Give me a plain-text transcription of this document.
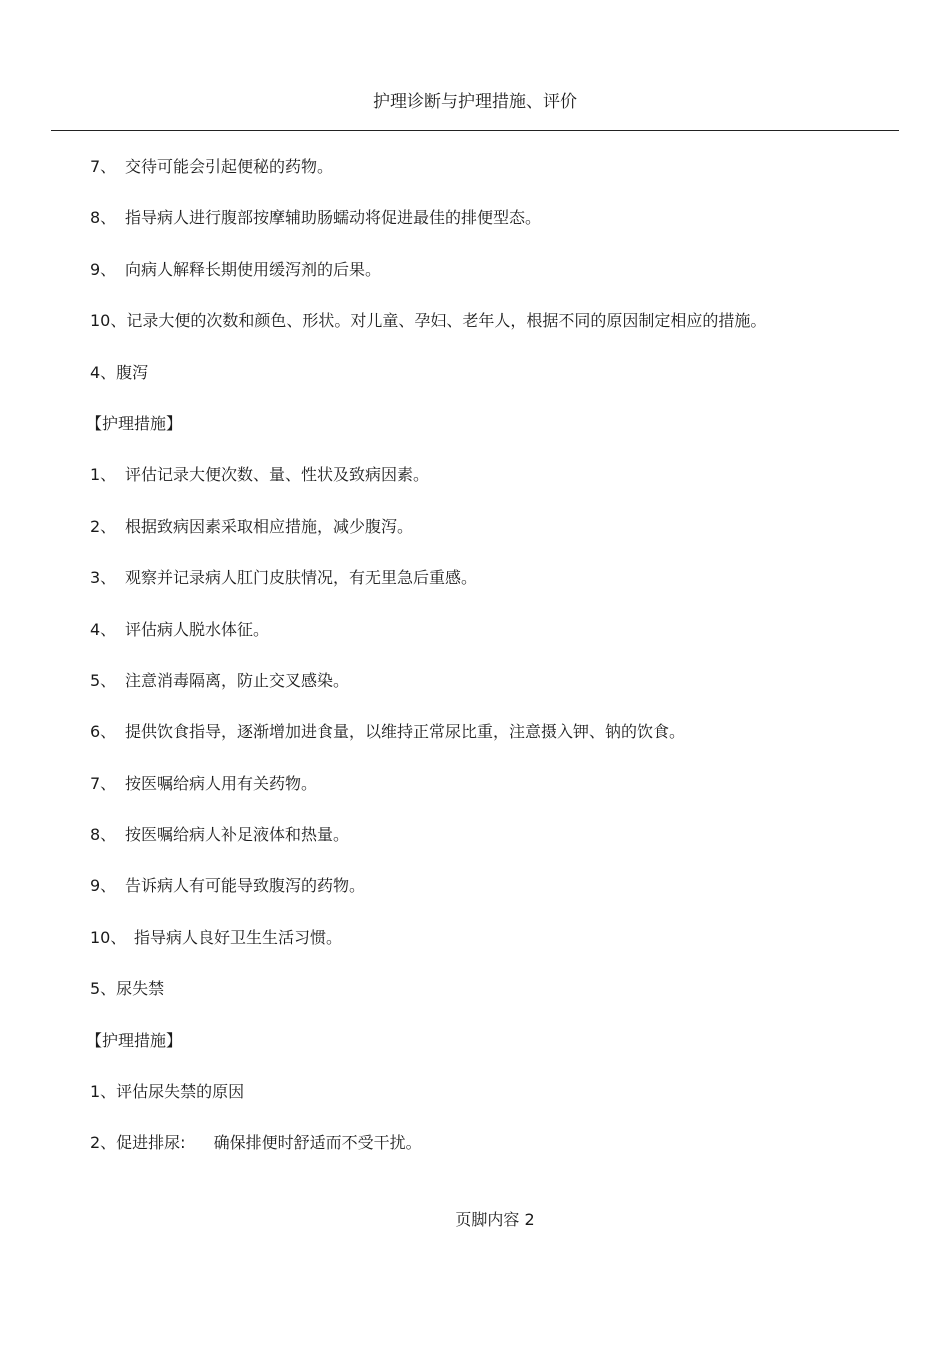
护理诊断与护理措施、评价
7、 交待可能会引起便秘的药物。
8、 指导病人进行腹部按摩辅助肠蠕动将促进最佳的排便型态。
9、 向病人解释长期使用缓泻剂的后果。
10、记录大便的次数和颜色、形状。对儿童、孕妇、老年人，根据不同的原因制定相应的措施。
4、腹泻
【护理措施】
1、 评估记录大便次数、量、性状及致病因素。
2、 根据致病因素采取相应措施，减少腹泻。
3、 观察并记录病人肛门皮肤情况，有无里急后重感。
4、 评估病人脱水体征。
5、 注意消毒隔离，防止交叉感染。
6、 提供饮食指导，逐渐增加进食量，以维持正常尿比重，注意摄入钾、钠的饮食。
7、 按医嘱给病人用有关药物。
8、 按医嘱给病人补足液体和热量。
9、 告诉病人有可能导致腹泻的药物。
10、 指导病人良好卫生生活习惯。
5、尿失禁
【护理措施】
1、评估尿失禁的原因
2、促进排尿: 确保排便时舒适而不受干扰。
页脚内容 2
